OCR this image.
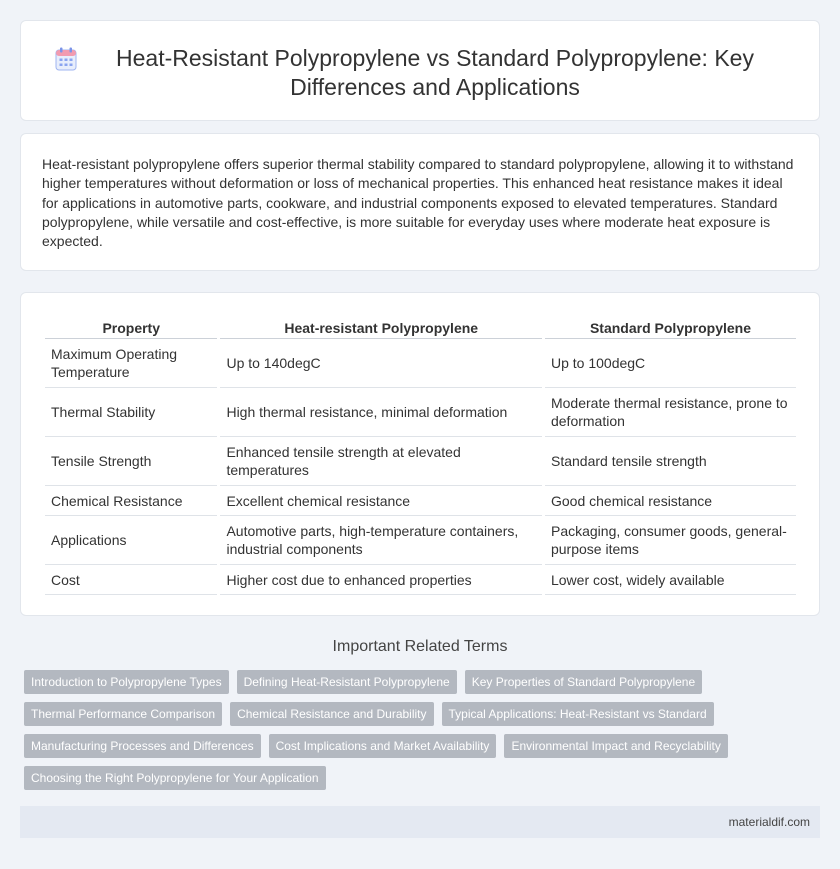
Heat-Resistant Polypropylene vs Standard Polypropylene: Key Differences and Applications

Heat-resistant polypropylene offers superior thermal stability compared to standard polypropylene, allowing it to withstand higher temperatures without deformation or loss of mechanical properties. This enhanced heat resistance makes it ideal for applications in automotive parts, cookware, and industrial components exposed to elevated temperatures. Standard polypropylene, while versatile and cost-effective, is more suitable for everyday uses where moderate heat exposure is expected.

Property	Heat-resistant Polypropylene	Standard Polypropylene
Maximum Operating Temperature	Up to 140degC	Up to 100degC
Thermal Stability	High thermal resistance, minimal deformation	Moderate thermal resistance, prone to deformation
Tensile Strength	Enhanced tensile strength at elevated temperatures	Standard tensile strength
Chemical Resistance	Excellent chemical resistance	Good chemical resistance
Applications	Automotive parts, high-temperature containers, industrial components	Packaging, consumer goods, general-purpose items
Cost	Higher cost due to enhanced properties	Lower cost, widely available
Important Related Terms
Introduction to Polypropylene Types	Defining Heat-Resistant Polypropylene	Key Properties of Standard Polypropylene
Thermal Performance Comparison	Chemical Resistance and Durability	Typical Applications: Heat-Resistant vs Standard
Manufacturing Processes and Differences	Cost Implications and Market Availability	Environmental Impact and Recyclability
Choosing the Right Polypropylene for Your Application
materialdif.com
